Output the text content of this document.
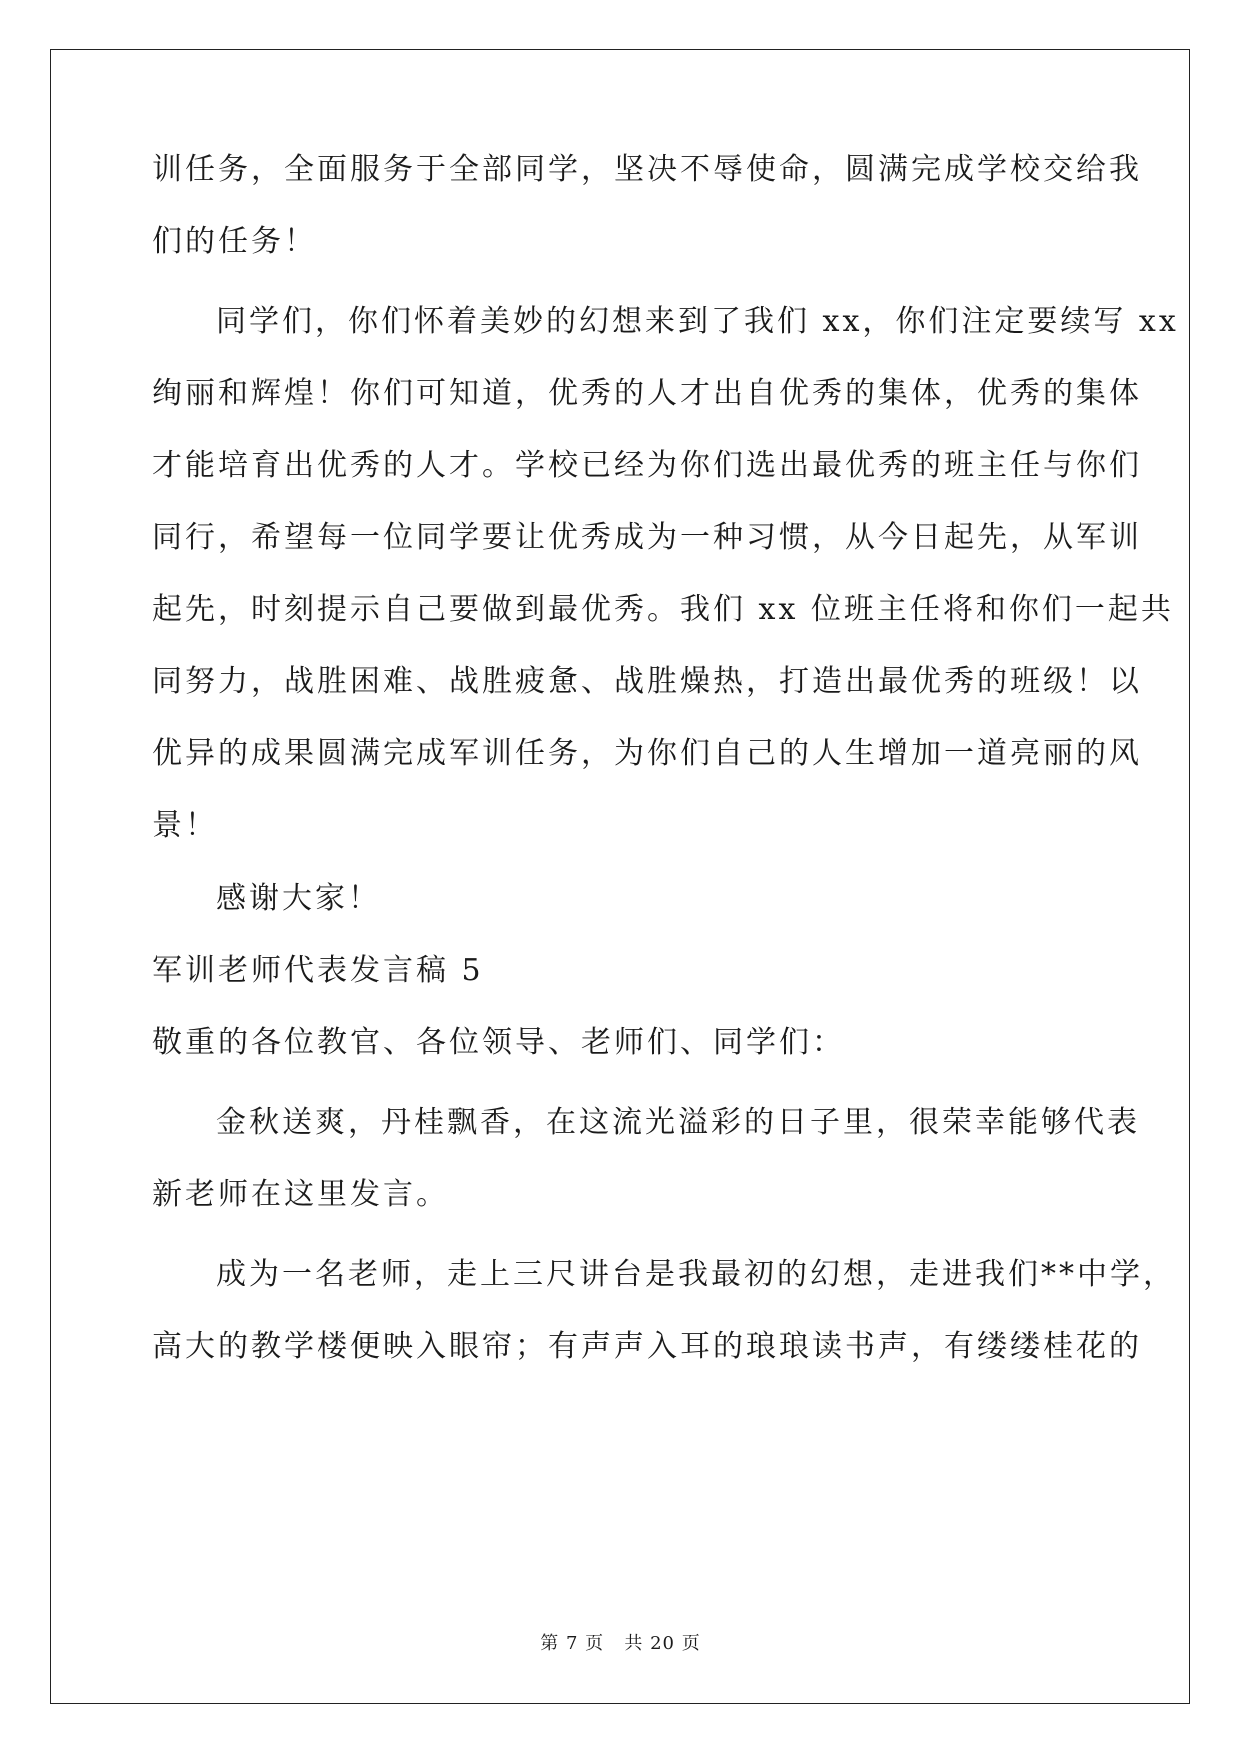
训任务，全面服务于全部同学，坚决不辱使命，圆满完成学校交给我
们的任务！
同学们，你们怀着美妙的幻想来到了我们 xx，你们注定要续写 xx
绚丽和辉煌！你们可知道，优秀的人才出自优秀的集体，优秀的集体
才能培育出优秀的人才。学校已经为你们选出最优秀的班主任与你们
同行，希望每一位同学要让优秀成为一种习惯，从今日起先，从军训
起先，时刻提示自己要做到最优秀。我们 xx 位班主任将和你们一起共
同努力，战胜困难、战胜疲惫、战胜燥热，打造出最优秀的班级！以
优异的成果圆满完成军训任务，为你们自己的人生增加一道亮丽的风
景！
感谢大家！
军训老师代表发言稿 5
敬重的各位教官、各位领导、老师们、同学们：
金秋送爽，丹桂飘香，在这流光溢彩的日子里，很荣幸能够代表
新老师在这里发言。
成为一名老师，走上三尺讲台是我最初的幻想，走进我们**中学，
高大的教学楼便映入眼帘；有声声入耳的琅琅读书声，有缕缕桂花的
第 7 页   共 20 页
